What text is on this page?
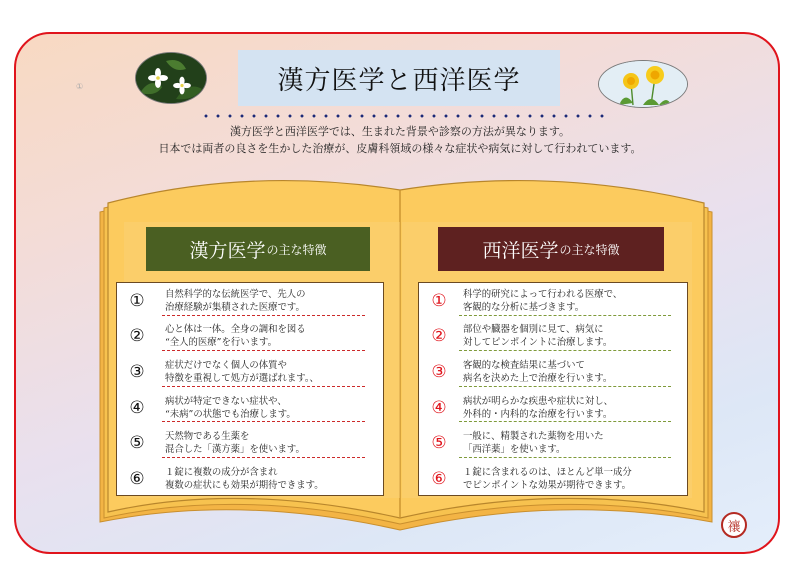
①	漢方医学と西洋医学
漢方医学と西洋医学では、生まれた背景や診察の方法が異なります。
日本では両者の良さを生かした治療が、皮膚科領域の様々な症状や病気に対して行われています。
漢方医学 の主な特徴	西洋医学 の主な特徴
①	自然科学的な伝統医学で、先人の
治療経験が集積された医療です。
②	心と体は一体。全身の調和を図る
“全人的医療”を行います。
③	症状だけでなく個人の体質や
特徴を重視して処方が選ばれます。、
④	病状が特定できない症状や、
“未病”の状態でも治療します。
⑤	天然物である生薬を
混合した「漢方薬」を使います。
⑥	１錠に複数の成分が含まれ
複数の症状にも効果が期待できます。
①	科学的研究によって行われる医療で、
客観的な分析に基づきます。
②	部位や臓器を個別に見て、病気に
対してピンポイントに治療します。
③	客観的な検査結果に基づいて
病名を決めた上で治療を行います。
④	病状が明らかな疾患や症状に対し、
外科的・内科的な治療を行います。
⑤	一般に、精製された薬物を用いた
「西洋薬」を使います。
⑥	１錠に含まれるのは、ほとんど単一成分
でピンポイントな効果が期待できます。
禳
